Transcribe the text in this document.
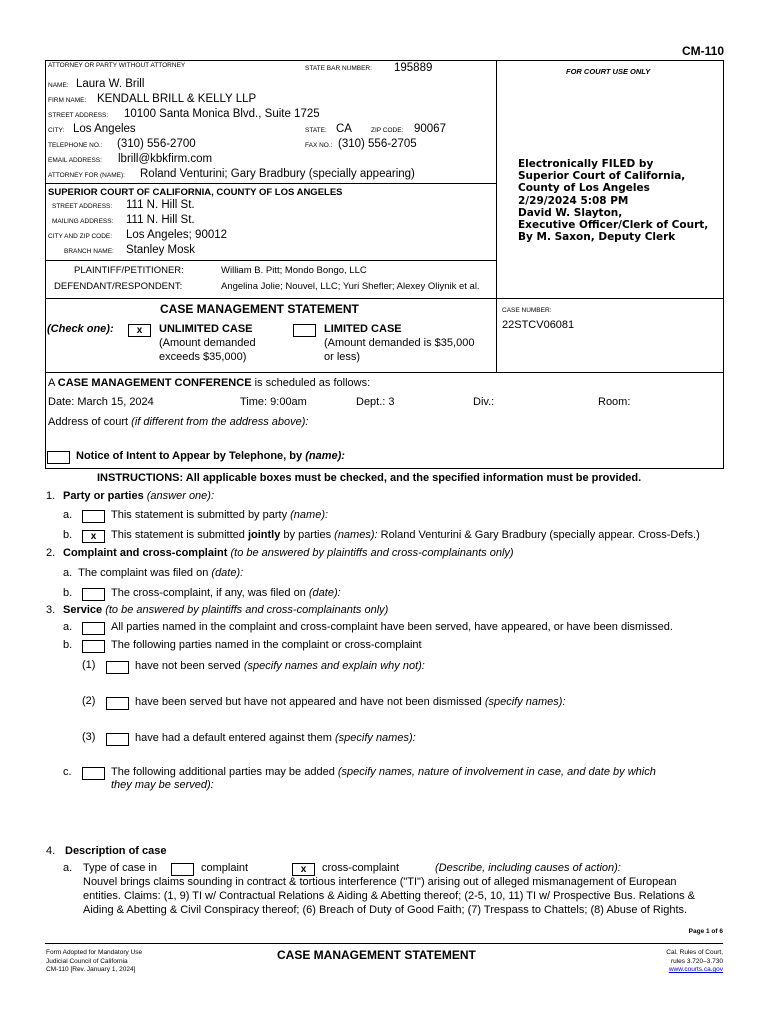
CM-110
ATTORNEY OR PARTY WITHOUT ATTORNEY	STATE BAR NUMBER: 195889
NAME: Laura W. Brill
FIRM NAME: KENDALL BRILL & KELLY LLP
STREET ADDRESS: 10100 Santa Monica Blvd., Suite 1725
CITY: Los Angeles	STATE: CA	ZIP CODE: 90067
TELEPHONE NO.: (310) 556-2700	FAX NO.: (310) 556-2705
EMAIL ADDRESS: lbrill@kbkfirm.com
ATTORNEY FOR (NAME): Roland Venturini; Gary Bradbury (specially appearing)
SUPERIOR COURT OF CALIFORNIA, COUNTY OF LOS ANGELES
STREET ADDRESS: 111 N. Hill St.
MAILING ADDRESS: 111 N. Hill St.
CITY AND ZIP CODE: Los Angeles; 90012
BRANCH NAME: Stanley Mosk
PLAINTIFF/PETITIONER:	William B. Pitt; Mondo Bongo, LLC
DEFENDANT/RESPONDENT:	Angelina Jolie; Nouvel, LLC; Yuri Shefler; Alexey Oliynik et al.
FOR COURT USE ONLY
Electronically FILED by
Superior Court of California,
County of Los Angeles
2/29/2024 5:08 PM
David W. Slayton,
Executive Officer/Clerk of Court,
By M. Saxon, Deputy Clerk
CASE MANAGEMENT STATEMENT
(Check one):	x	UNLIMITED CASE
(Amount demanded
exceeds $35,000)
LIMITED CASE
(Amount demanded is $35,000
or less)
CASE NUMBER:
22STCV06081
A CASE MANAGEMENT CONFERENCE is scheduled as follows:
Date: March 15, 2024	Time: 9:00am	Dept.: 3	Div.:	Room:
Address of court (if different from the address above):
Notice of Intent to Appear by Telephone, by (name):
INSTRUCTIONS: All applicable boxes must be checked, and the specified information must be provided.
1. Party or parties (answer one):
a.	This statement is submitted by party (name):
b.	x	This statement is submitted jointly by parties (names): Roland Venturini & Gary Bradbury (specially appear. Cross-Defs.)
2. Complaint and cross-complaint (to be answered by plaintiffs and cross-complainants only)
a. The complaint was filed on (date):
b.	The cross-complaint, if any, was filed on (date):
3. Service (to be answered by plaintiffs and cross-complainants only)
a.	All parties named in the complaint and cross-complaint have been served, have appeared, or have been dismissed.
b.	The following parties named in the complaint or cross-complaint
(1)	have not been served (specify names and explain why not):
(2)	have been served but have not appeared and have not been dismissed (specify names):
(3)	have had a default entered against them (specify names):
c.	The following additional parties may be added (specify names, nature of involvement in case, and date by which
they may be served):
4. Description of case
a. Type of case in	complaint	x	cross-complaint	(Describe, including causes of action):
Nouvel brings claims sounding in contract & tortious interference ("TI") arising out of alleged mismanagement of European
entities. Claims: (1, 9) TI w/ Contractual Relations & Aiding & Abetting thereof; (2-5, 10, 11) TI w/ Prospective Bus. Relations &
Aiding & Abetting & Civil Conspiracy thereof; (6) Breach of Duty of Good Faith; (7) Trespass to Chattels; (8) Abuse of Rights.
Page 1 of 6
Form Adopted for Mandatory Use
Judicial Council of California
CM-110 [Rev. January 1, 2024]
CASE MANAGEMENT STATEMENT	Cal. Rules of Court,
rules 3.720–3.730
www.courts.ca.gov
